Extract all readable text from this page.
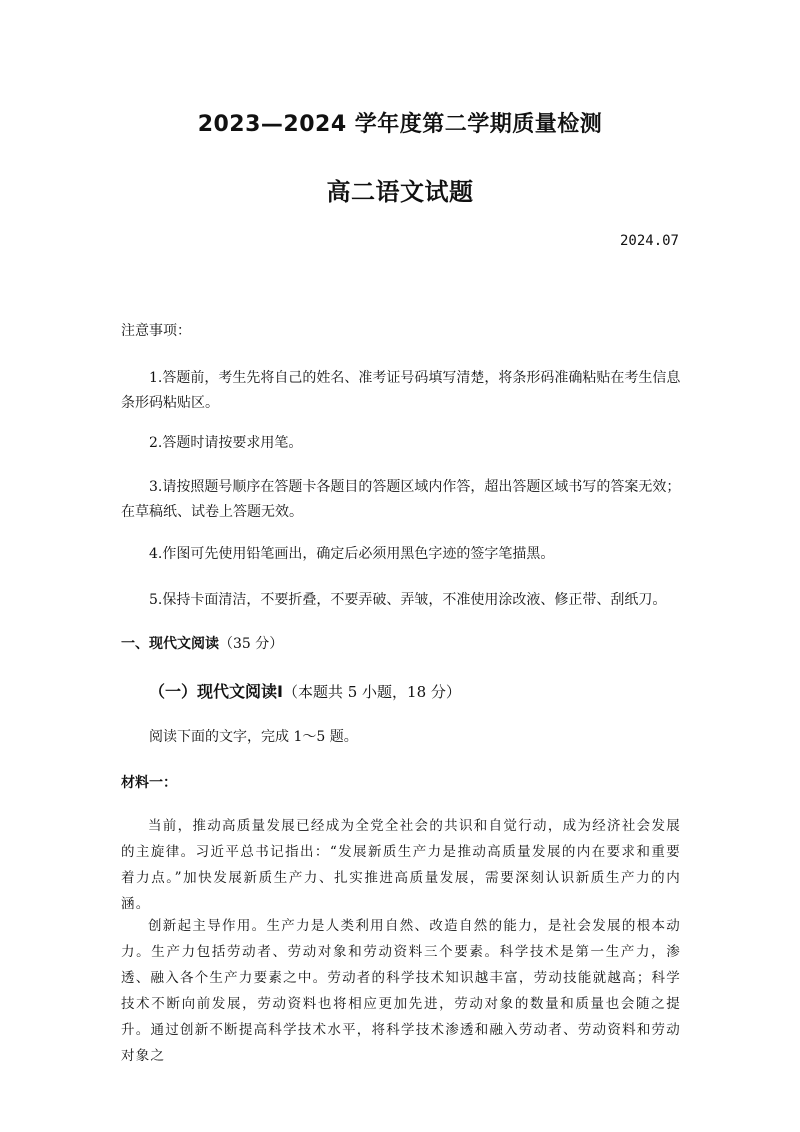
2023—2024 学年度第二学期质量检测
高二语文试题
2024.07
注意事项：
1.答题前，考生先将自己的姓名、准考证号码填写清楚，将条形码准确粘贴在考生信息条形码粘贴区。
2.答题时请按要求用笔。
3.请按照题号顺序在答题卡各题目的答题区域内作答，超出答题区域书写的答案无效；在草稿纸、试卷上答题无效。
4.作图可先使用铅笔画出，确定后必须用黑色字迹的签字笔描黑。
5.保持卡面清洁，不要折叠，不要弄破、弄皱，不准使用涂改液、修正带、刮纸刀。
一、现代文阅读（35 分）
（一）现代文阅读Ⅰ（本题共 5 小题，18 分）
阅读下面的文字，完成 1～5 题。
材料一：

当前，推动高质量发展已经成为全党全社会的共识和自觉行动，成为经济社会发展的主旋律。习近平总书记指出：“发展新质生产力是推动高质量发展的内在要求和重要着力点。”加快发展新质生产力、扎实推进高质量发展，需要深刻认识新质生产力的内涵。

创新起主导作用。生产力是人类利用自然、改造自然的能力，是社会发展的根本动力。生产力包括劳动者、劳动对象和劳动资料三个要素。科学技术是第一生产力，渗透、融入各个生产力要素之中。劳动者的科学技术知识越丰富，劳动技能就越高；科学技术不断向前发展，劳动资料也将相应更加先进，劳动对象的数量和质量也会随之提升。通过创新不断提高科学技术水平，将科学技术渗透和融入劳动者、劳动资料和劳动对象之
